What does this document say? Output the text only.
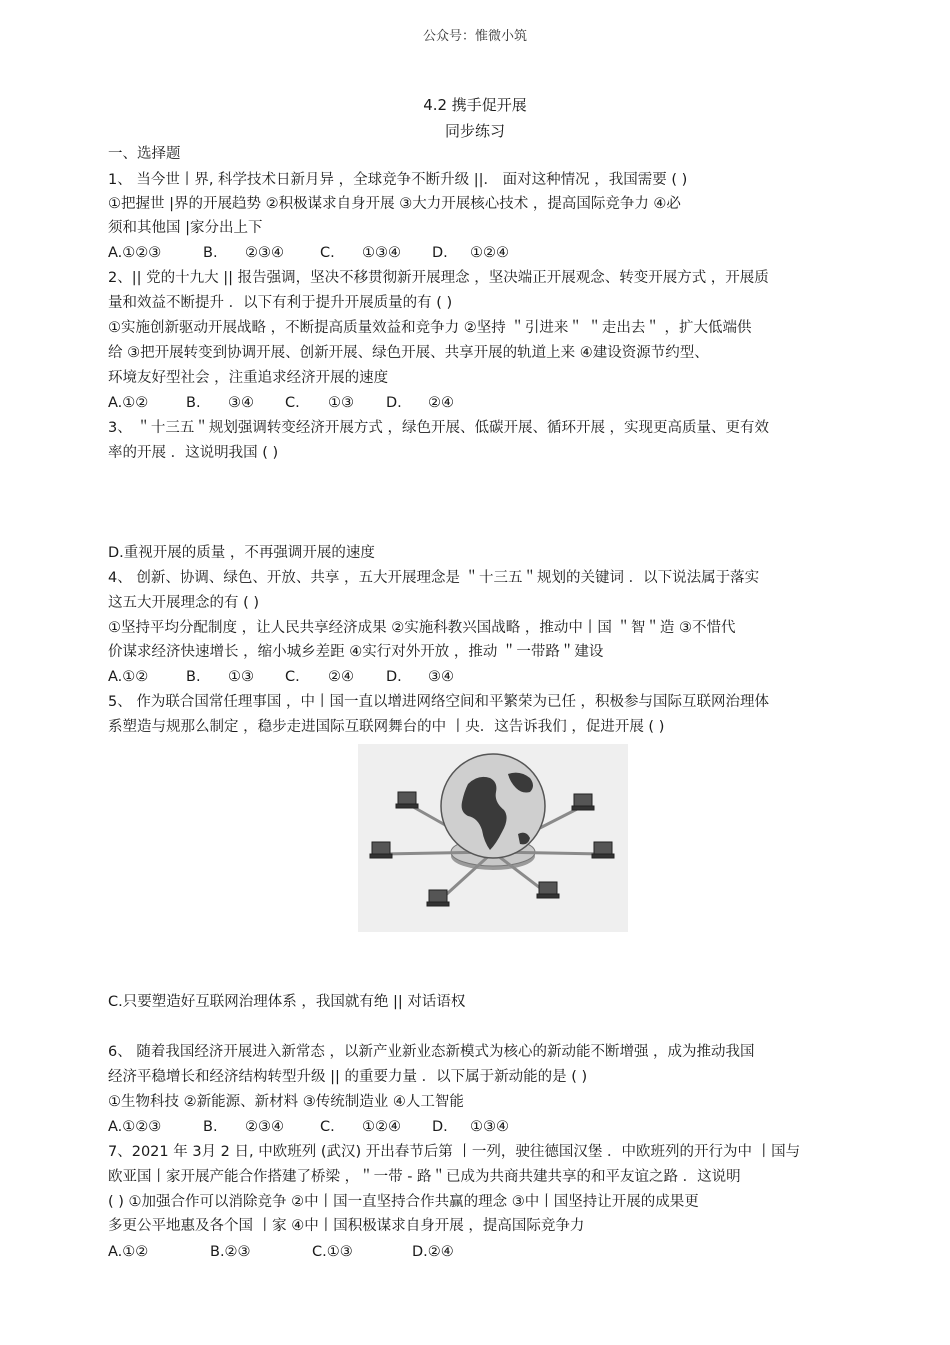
公众号：惟微小筑
4.2 携手促开展
同步练习
一、选择题
1、 当今世丨界, 科学技术日新月异 ，全球竞争不断升级 ||． 面对这种情况 ，我国需要 ( )
①把握世 |界的开展趋势 ②积极谋求自身开展 ③大力开展核心技术 ，提高国际竞争力 ④必
须和其他国 |家分出上下
A.①②③	B. ②③④ C. ①③④ D. ①②④
2、|| 党的十九大 || 报告强调，坚决不移贯彻新开展理念 ，坚决端正开展观念、转变开展方式 ，开展质
量和效益不断提升 ．以下有利于提升开展质量的有 ( )
①实施创新驱动开展战略 ，不断提高质量效益和竞争力 ②坚持 ＂引进来＂ ＂走出去＂ ，扩大低端供
给 ③把开展转变到协调开展、创新开展、绿色开展、共享开展的轨道上来 ④建设资源节约型、
环境友好型社会 ，注重追求经济开展的速度
A.①②	B. ③④ C. ①③ D. ②④
3、 ＂十三五＂规划强调转变经济开展方式 ，绿色开展、低碳开展、循环开展 ，实现更高质量、更有效
率的开展 ．这说明我国 ( )
D.重视开展的质量 ，不再强调开展的速度
4、 创新、协调、绿色、开放、共享 ，五大开展理念是 ＂十三五＂规划的关键词 ．以下说法属于落实
这五大开展理念的有 ( )
①坚持平均分配制度 ，让人民共享经济成果 ②实施科教兴国战略 ，推动中丨国 ＂智＂造 ③不惜代
价谋求经济快速增长 ，缩小城乡差距 ④实行对外开放 ，推动 ＂一带路＂建设
A.①②	B. ①③ C. ②④ D. ③④
5、 作为联合国常任理事国 ，中丨国一直以增进网络空间和平繁荣为已任 ，积极参与国际互联网治理体
系塑造与规那么制定 ，稳步走进国际互联网舞台的中 丨央．这告诉我们 ，促进开展 ( )
C.只要塑造好互联网治理体系 ，我国就有绝 || 对话语权
6、 随着我国经济开展进入新常态 ，以新产业新业态新模式为核心的新动能不断增强 ，成为推动我国
经济平稳增长和经济结构转型升级 || 的重要力量 ．以下属于新动能的是 ( )
①生物科技 ②新能源、新材料 ③传统制造业 ④人工智能
A.①②③	B. ②③④ C. ①②④ D. ①③④
7、2021 年 3月 2 日, 中欧班列 (武汉) 开出春节后第 丨一列，驶往德国汉堡 ．中欧班列的开行为中 丨国与
欧亚国丨家开展产能合作搭建了桥梁 ，＂一带 - 路＂已成为共商共建共享的和平友谊之路 ．这说明
( ) ①加强合作可以消除竞争 ②中丨国一直坚持合作共赢的理念 ③中丨国坚持让开展的成果更
多更公平地惠及各个国 丨家 ④中丨国积极谋求自身开展 ，提高国际竞争力
A.①②	B.②③	C.①③	D.②④
